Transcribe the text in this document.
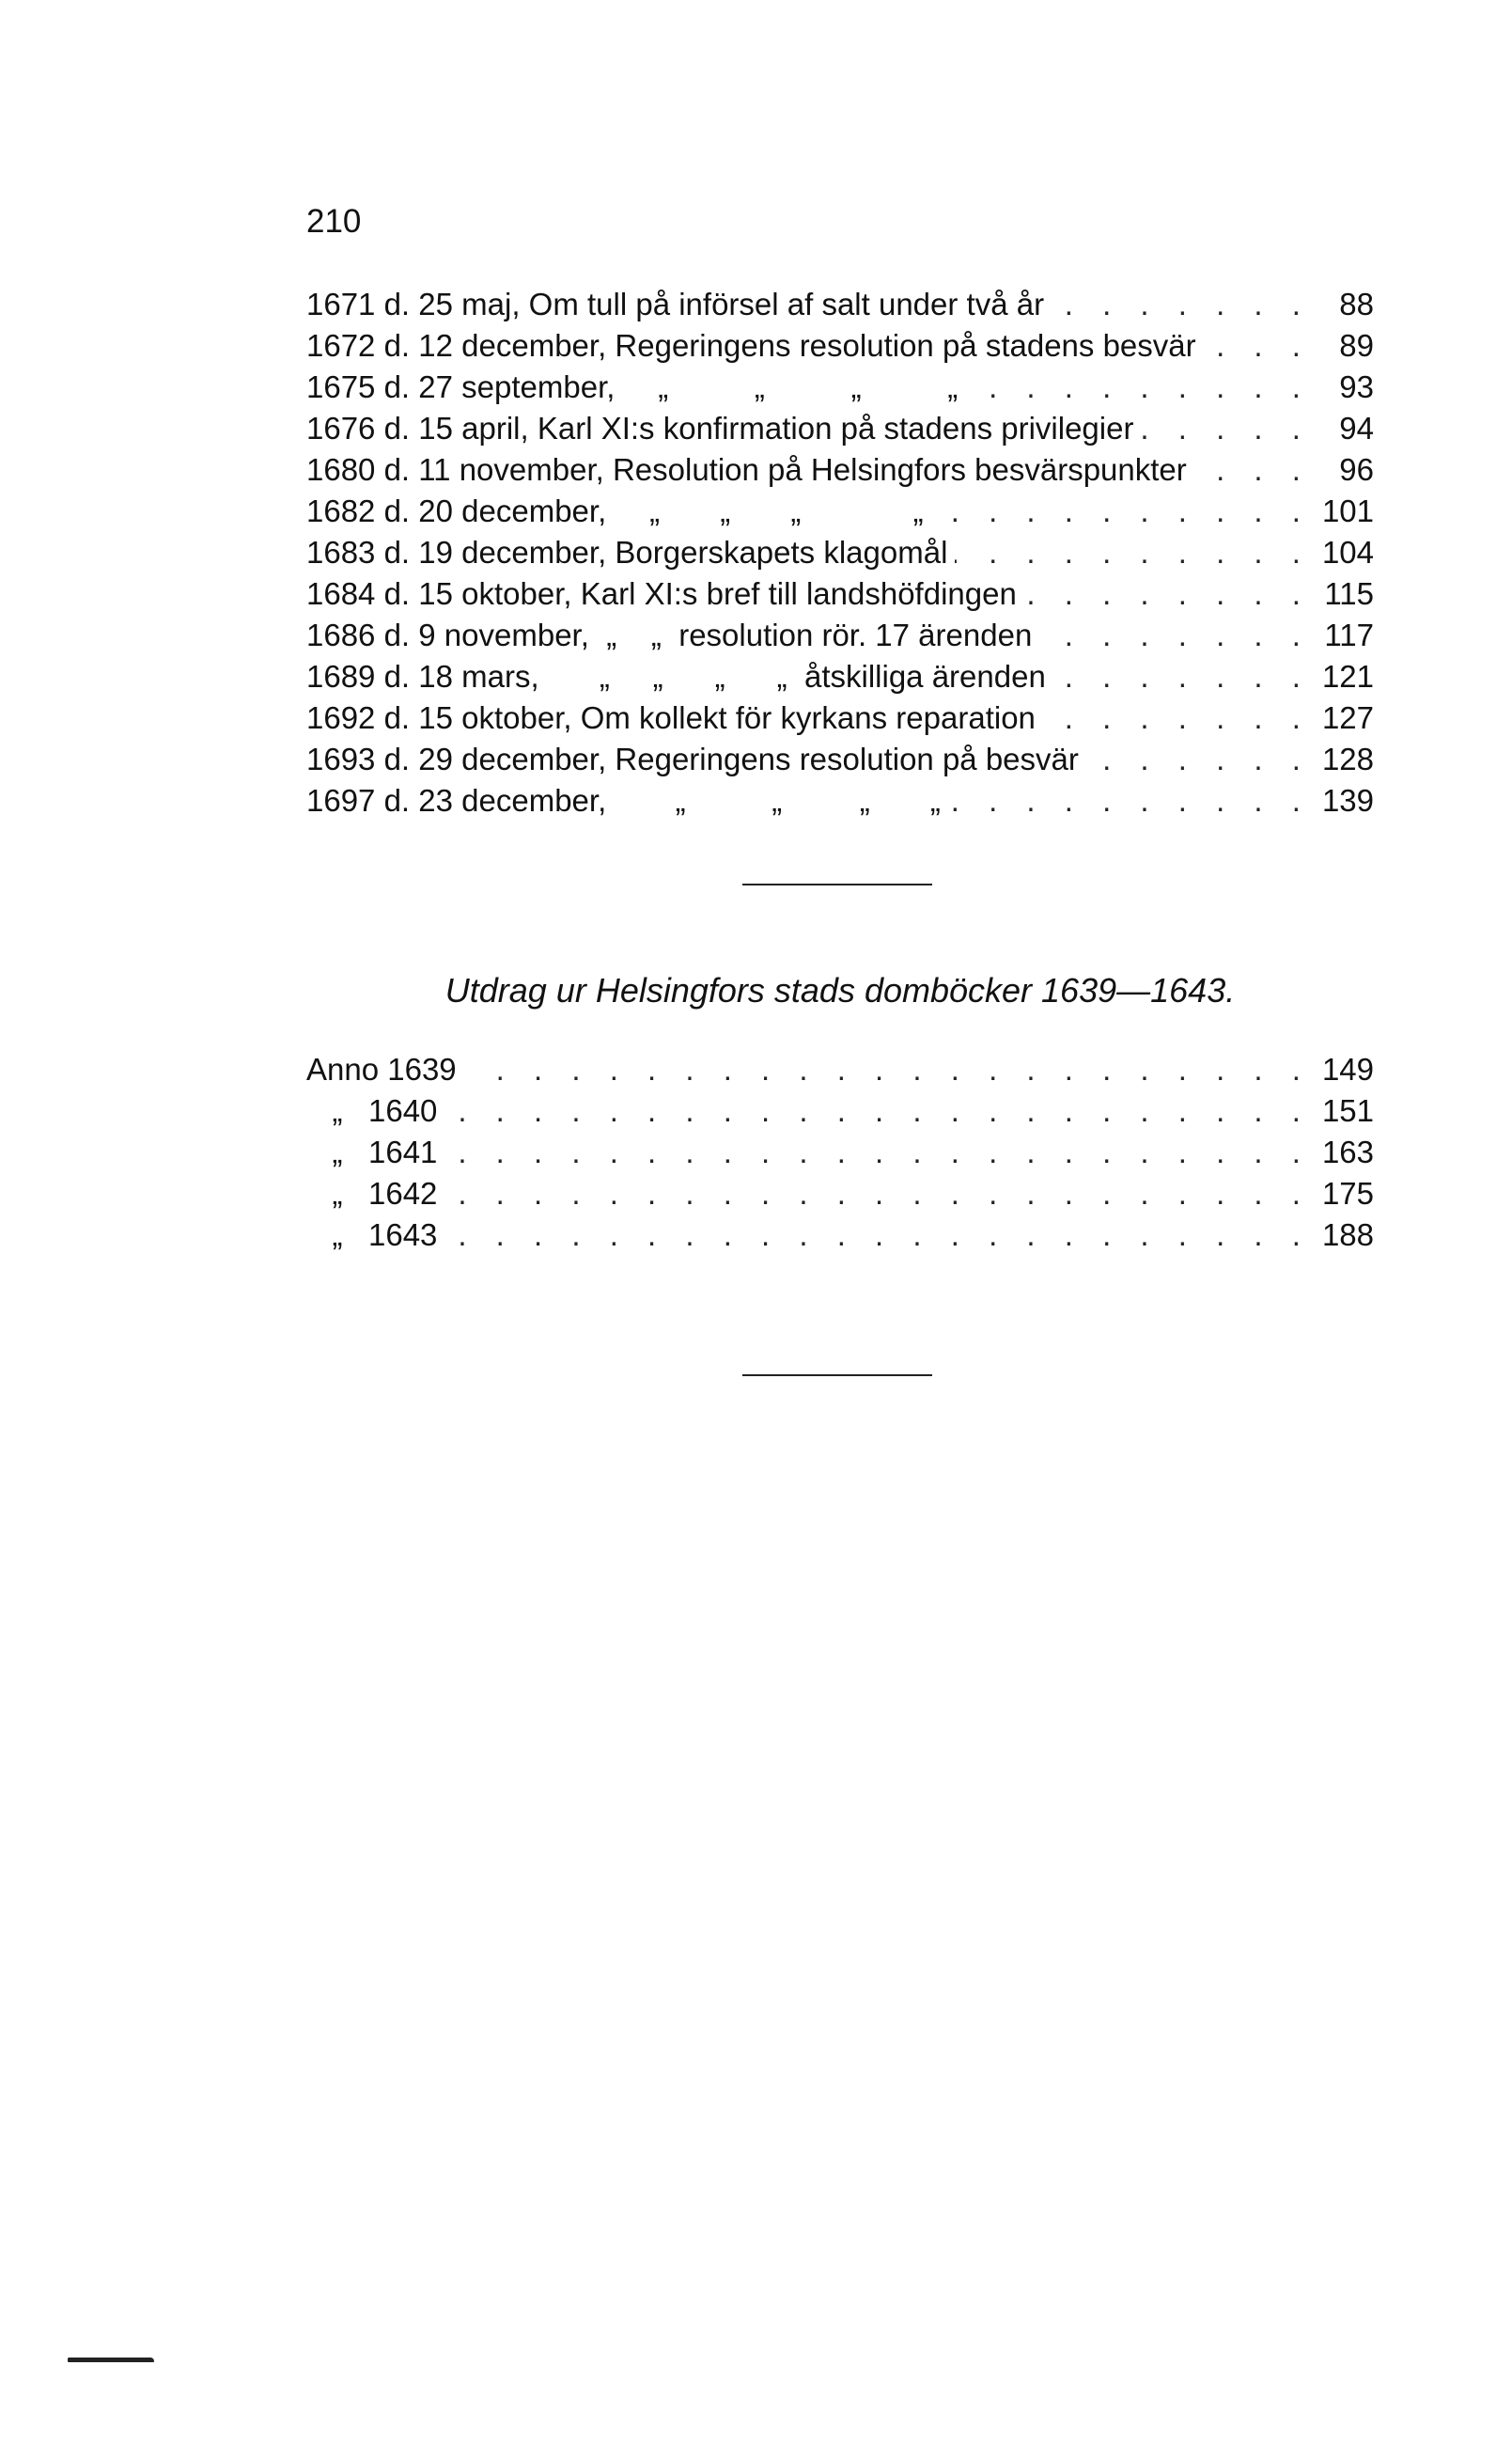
210
. . .
1671 d. 25 maj, Om tull på införsel af salt under två år	88
. . .
1672 d. 12 december, Regeringens resolution på stadens besvär	89
. . .
1675 d. 27 september,     „          „          „          „	93
. . .
1676 d. 15 april, Karl XI:s konfirmation på stadens privilegier	94
. . .
1680 d. 11 november, Resolution på Helsingfors besvärspunkter	96
. . .
1682 d. 20 december,     „       „       „             „	101
. . .
1683 d. 19 december, Borgerskapets klagomål	104
. . .
1684 d. 15 oktober, Karl XI:s bref till landshöfdingen	115
. . .
1686 d. 9 november,  „    „  resolution rör. 17 ärenden	117
. . .
1689 d. 18 mars,       „     „      „      „  åtskilliga ärenden	121
. . .
1692 d. 15 oktober, Om kollekt för kyrkans reparation	127
. . .
1693 d. 29 december, Regeringens resolution på besvär	128
. . .
1697 d. 23 december,        „          „         „       „	139
Utdrag ur Helsingfors stads domböcker 1639—1643.
. . .
Anno 1639	149
. . .
„   1640	151
. . .
„   1641	163
. . .
„   1642	175
. . .
„   1643	188
